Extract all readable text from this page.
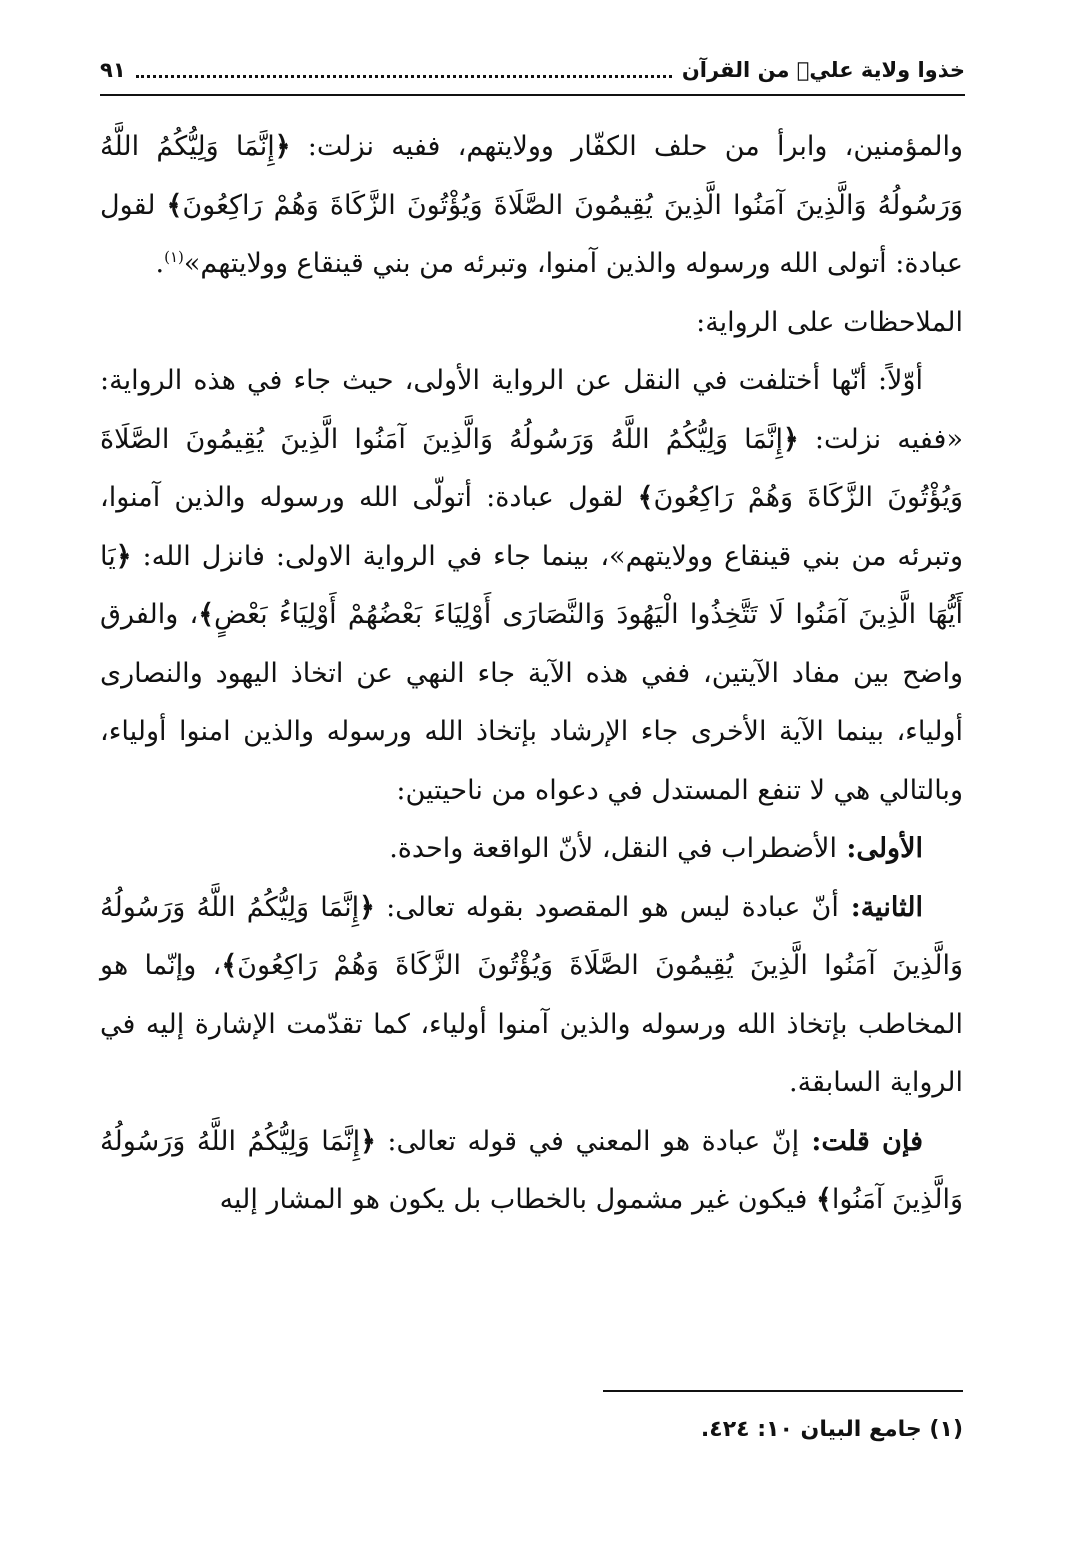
خذوا ولاية عليؑ من القرآن
٩١

والمؤمنين، وابرأ من حلف الكفّار وولايتهم، ففيه نزلت: ﴿إِنَّمَا وَلِيُّكُمُ اللَّهُ وَرَسُولُهُ وَالَّذِينَ آمَنُوا الَّذِينَ يُقِيمُونَ الصَّلَاةَ وَيُؤْتُونَ الزَّكَاةَ وَهُمْ رَاكِعُونَ﴾ لقول عبادة: أتولى الله ورسوله والذين آمنوا، وتبرئه من بني قينقاع وولايتهم»$^{(١)}$.

الملاحظات على الرواية:

أوّلاً: أنّها أختلفت في النقل عن الرواية الأولى، حيث جاء في هذه الرواية: «ففيه نزلت: ﴿إِنَّمَا وَلِيُّكُمُ اللَّهُ وَرَسُولُهُ وَالَّذِينَ آمَنُوا الَّذِينَ يُقِيمُونَ الصَّلَاةَ وَيُؤْتُونَ الزَّكَاةَ وَهُمْ رَاكِعُونَ﴾ لقول عبادة: أتولّى الله ورسوله والذين آمنوا، وتبرئه من بني قينقاع وولايتهم»، بينما جاء في الرواية الاولى: فانزل الله: ﴿يَا أَيُّهَا الَّذِينَ آمَنُوا لَا تَتَّخِذُوا الْيَهُودَ وَالنَّصَارَى أَوْلِيَاءَ بَعْضُهُمْ أَوْلِيَاءُ بَعْضٍ﴾، والفرق واضح بين مفاد الآيتين، ففي هذه الآية جاء النهي عن اتخاذ اليهود والنصارى أولياء، بينما الآية الأخرى جاء الإرشاد بإتخاذ الله ورسوله والذين امنوا أولياء، وبالتالي هي لا تنفع المستدل في دعواه من ناحيتين:

الأولى: الأضطراب في النقل، لأنّ الواقعة واحدة.

الثانية: أنّ عبادة ليس هو المقصود بقوله تعالى: ﴿إِنَّمَا وَلِيُّكُمُ اللَّهُ وَرَسُولُهُ وَالَّذِينَ آمَنُوا الَّذِينَ يُقِيمُونَ الصَّلَاةَ وَيُؤْتُونَ الزَّكَاةَ وَهُمْ رَاكِعُونَ﴾، وإنّما هو المخاطب بإتخاذ الله ورسوله والذين آمنوا أولياء، كما تقدّمت الإشارة إليه في الرواية السابقة.

فإن قلت: إنّ عبادة هو المعني في قوله تعالى: ﴿إِنَّمَا وَلِيُّكُمُ اللَّهُ وَرَسُولُهُ وَالَّذِينَ آمَنُوا﴾ فيكون غير مشمول بالخطاب بل يكون هو المشار إليه

(١) جامع البيان ١٠: ٤٢٤.
